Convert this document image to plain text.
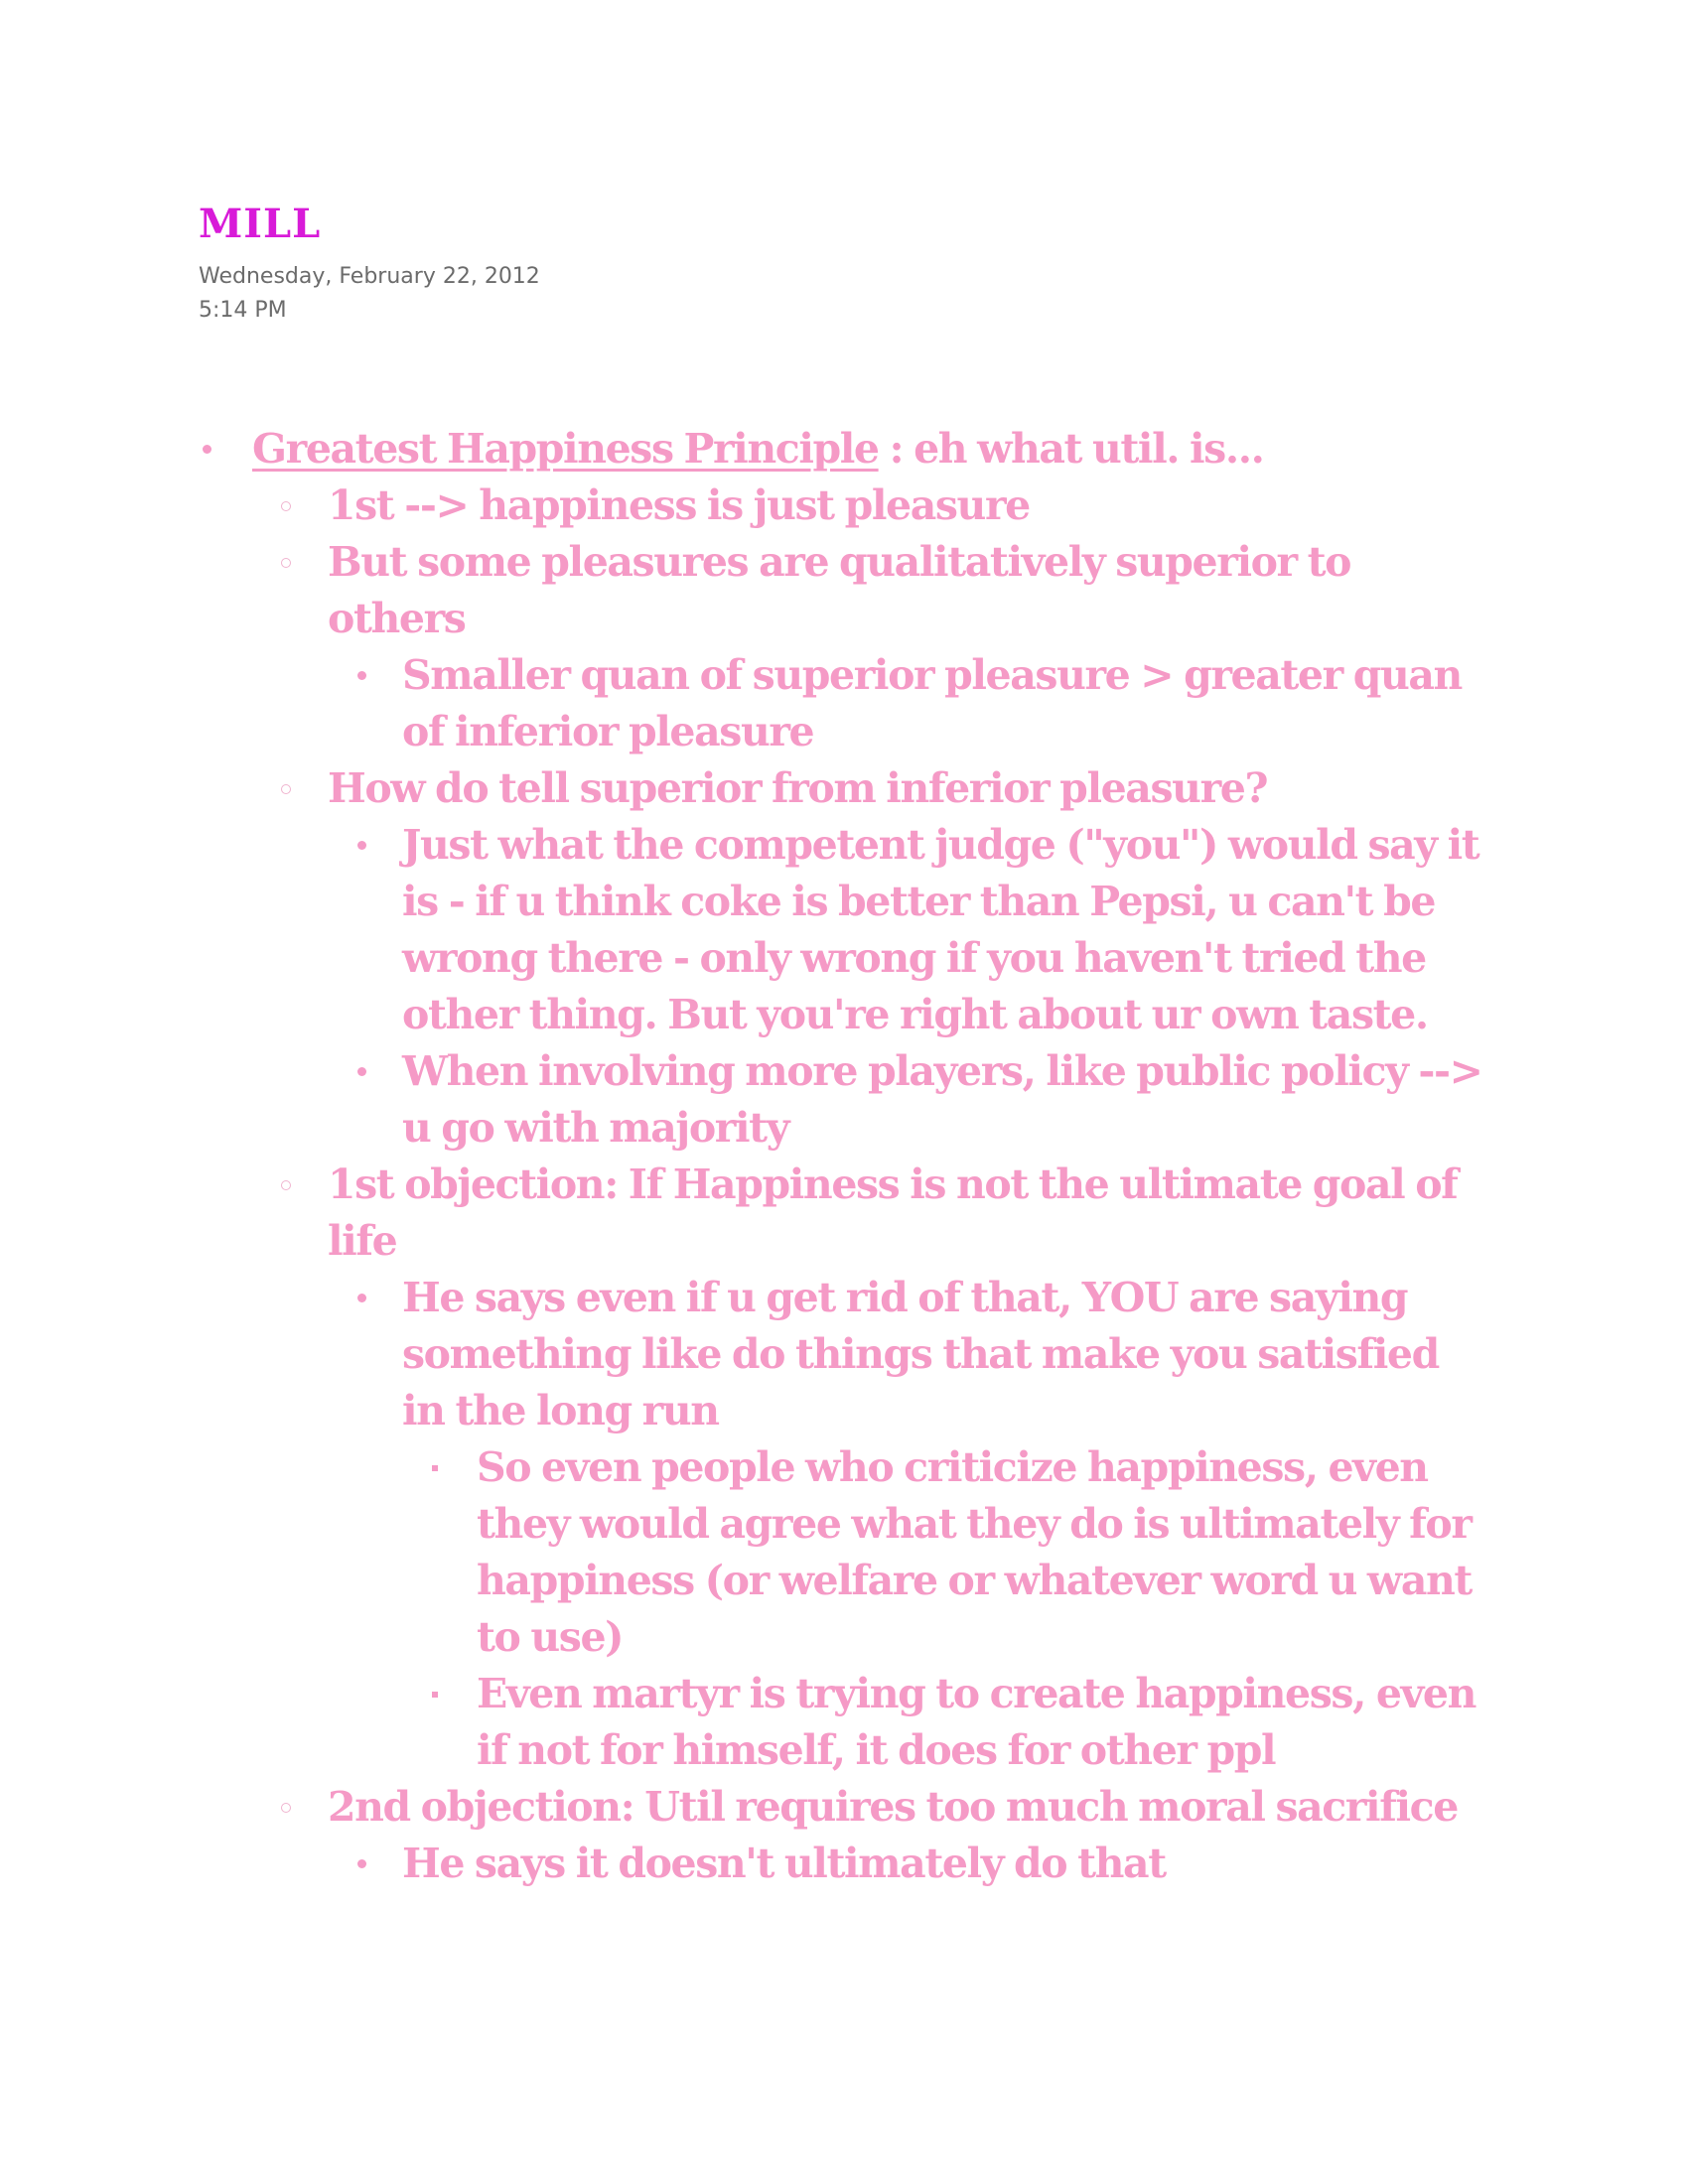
MILL
Wednesday, February 22, 2012
5:14 PM
Greatest Happiness Principle : eh what util. is...
1st --> happiness is just pleasure
But some pleasures are qualitatively superior to others
Smaller quan of superior pleasure > greater quan of inferior pleasure
How do tell superior from inferior pleasure?
Just what the competent judge ("you") would say it is - if u think coke is better than Pepsi, u can't be wrong there - only wrong if you haven't tried the other thing. But you're right about ur own taste.
When involving more players, like public policy --> u go with majority
1st objection: If Happiness is not the ultimate goal of life
He says even if u get rid of that, YOU are saying something like do things that make you satisfied in the long run
So even people who criticize happiness, even they would agree what they do is ultimately for happiness (or welfare or whatever word u want to use)
Even martyr is trying to create happiness, even if not for himself, it does for other ppl
2nd objection: Util requires too much moral sacrifice
He says it doesn't ultimately do that
